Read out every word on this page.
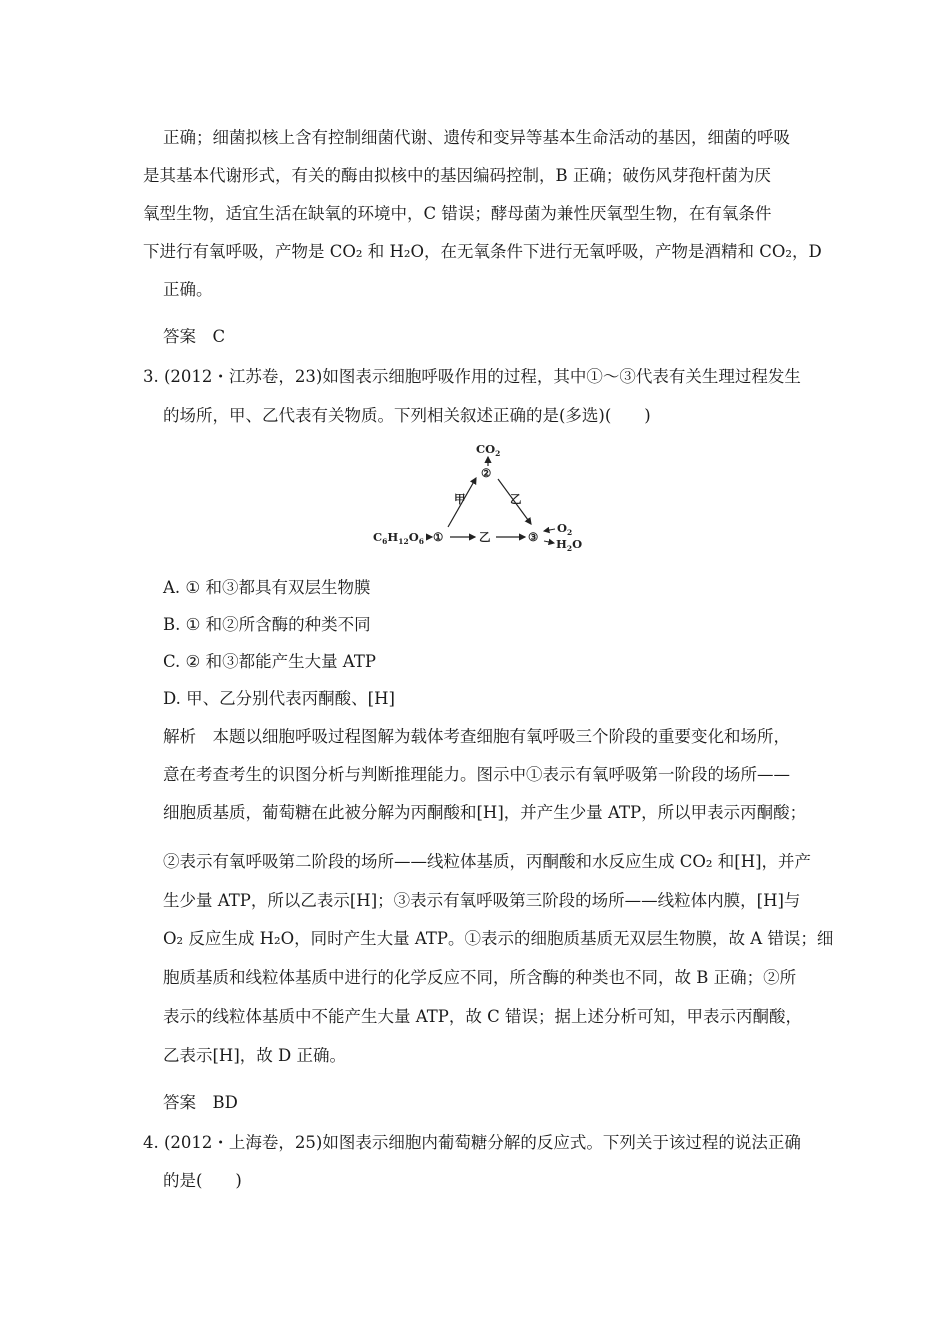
正确；细菌拟核上含有控制细菌代谢、遗传和变异等基本生命活动的基因，细菌的呼吸
是其基本代谢形式，有关的酶由拟核中的基因编码控制，B 正确；破伤风芽孢杆菌为厌
氧型生物，适宜生活在缺氧的环境中，C 错误；酵母菌为兼性厌氧型生物，在有氧条件
下进行有氧呼吸，产物是 CO₂ 和 H₂O，在无氧条件下进行无氧呼吸，产物是酒精和 CO₂，D
正确。
答案　C
3. (2012・江苏卷，23)如图表示细胞呼吸作用的过程，其中①～③代表有关生理过程发生
的场所，甲、乙代表有关物质。下列相关叙述正确的是(多选)(　　)
$CO_2$
②
甲	乙
$C_6H_{12}O_6$ ①	乙	③
$O_2$
$H_2O$
A. ① 和③都具有双层生物膜
B. ① 和②所含酶的种类不同
C. ② 和③都能产生大量 ATP
D. 甲、乙分别代表丙酮酸、[H]
解析　本题以细胞呼吸过程图解为载体考查细胞有氧呼吸三个阶段的重要变化和场所，
意在考查考生的识图分析与判断推理能力。图示中①表示有氧呼吸第一阶段的场所——
细胞质基质，葡萄糖在此被分解为丙酮酸和[H]，并产生少量 ATP，所以甲表示丙酮酸；
②表示有氧呼吸第二阶段的场所——线粒体基质，丙酮酸和水反应生成 CO₂ 和[H]，并产
生少量 ATP，所以乙表示[H]；③表示有氧呼吸第三阶段的场所——线粒体内膜，[H]与
O₂ 反应生成 H₂O，同时产生大量 ATP。①表示的细胞质基质无双层生物膜，故 A 错误；细
胞质基质和线粒体基质中进行的化学反应不同，所含酶的种类也不同，故 B 正确；②所
表示的线粒体基质中不能产生大量 ATP，故 C 错误；据上述分析可知，甲表示丙酮酸，
乙表示[H]，故 D 正确。
答案　BD
4. (2012・上海卷，25)如图表示细胞内葡萄糖分解的反应式。下列关于该过程的说法正确
的是(　　)
